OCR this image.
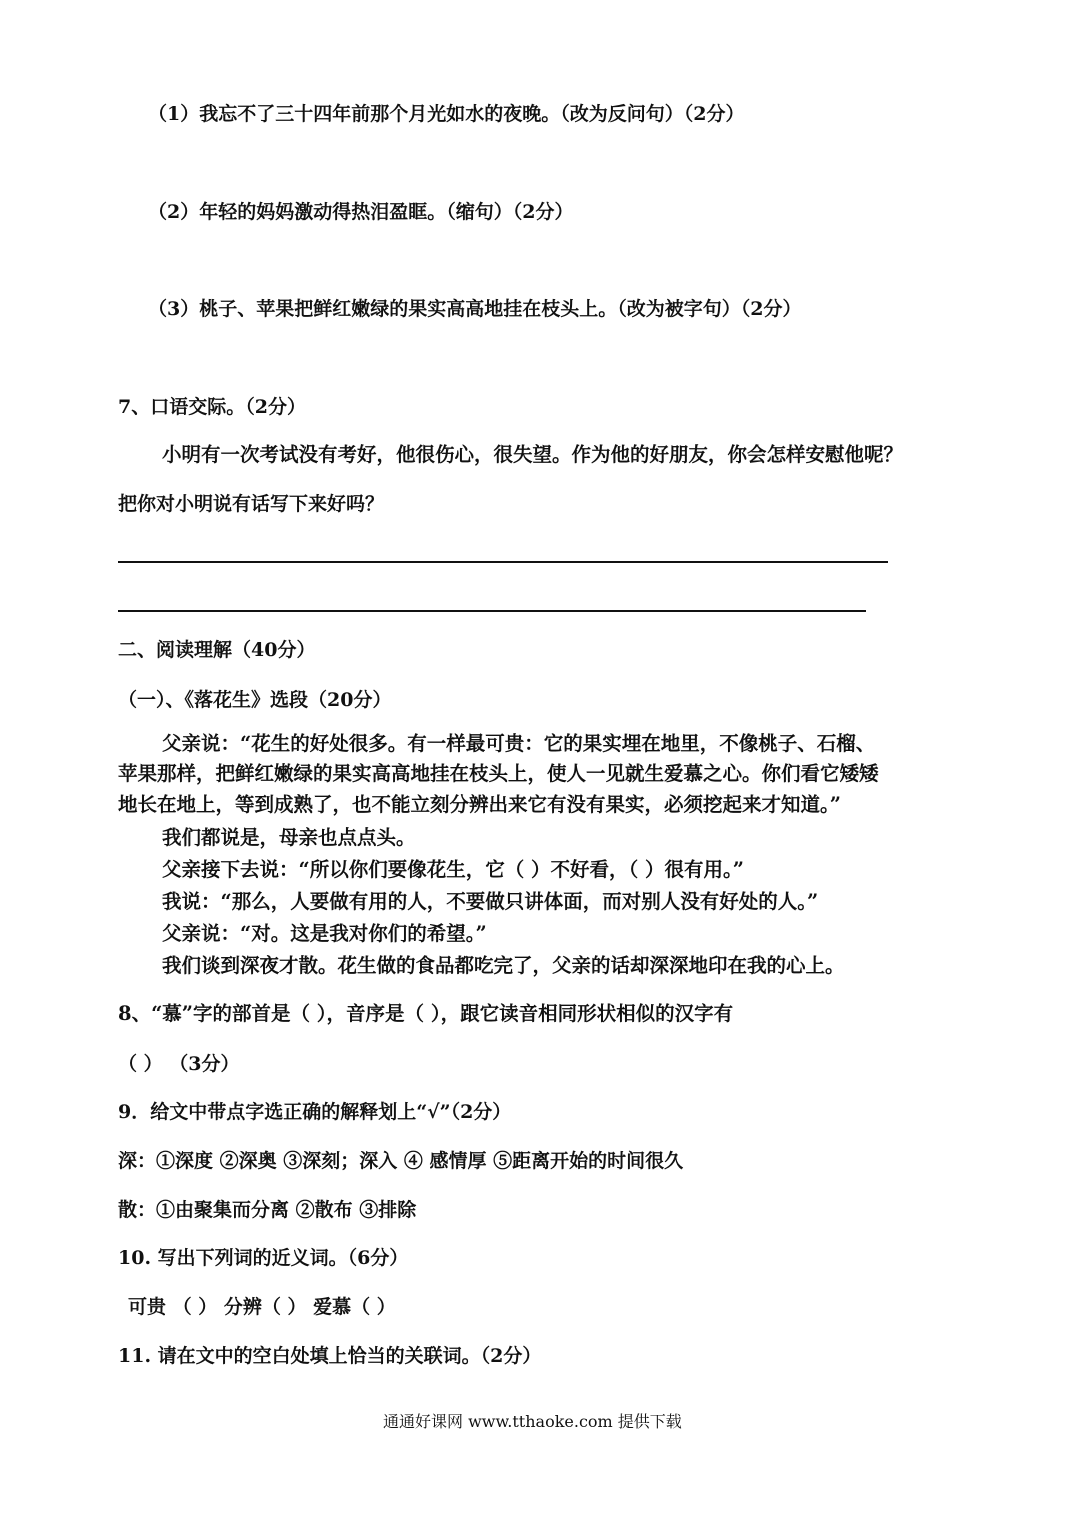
（1）我忘不了三十四年前那个月光如水的夜晚。（改为反问句）（2分）
（2）年轻的妈妈激动得热泪盈眶。（缩句）（2分）
（3）桃子、苹果把鲜红嫩绿的果实高高地挂在枝头上。（改为被字句）（2分）
7、口语交际。（2分）
小明有一次考试没有考好，他很伤心，很失望。作为他的好朋友，你会怎样安慰他呢？
把你对小明说有话写下来好吗？
二、阅读理解（40分）
（一）、《落花生》选段（20分）
父亲说：“花生的好处很多。有一样最可贵：它的果实埋在地里，不像桃子、石榴、
苹果那样，把鲜红嫩绿的果实高高地挂在枝头上，使人一见就生爱慕之心。你们看它矮矮
地长在地上，等到成熟了，也不能立刻分辨出来它有没有果实，必须挖起来才知道。”
我们都说是，母亲也点点头。
父亲接下去说：“所以你们要像花生，它（ ）不好看，（ ）很有用。”
我说：“那么，人要做有用的人，不要做只讲体面，而对别人没有好处的人。”
父亲说：“对。这是我对你们的希望。”
我们谈到深夜才散。花生做的食品都吃完了，父亲的话却深深地印在我的心上。
8、“慕”字的部首是（ ），音序是（ ），跟它读音相同形状相似的汉字有
（ ） （3分）
9．给文中带点字选正确的解释划上“√”（2分）
深：①深度 ②深奥 ③深刻；深入 ④ 感情厚 ⑤距离开始的时间很久
散：①由聚集而分离 ②散布 ③排除
10. 写出下列词的近义词。（6分）
可贵 （ ） 分辨（ ） 爱慕（ ）
11. 请在文中的空白处填上恰当的关联词。（2分）
通通好课网 www.tthaoke.com 提供下载
